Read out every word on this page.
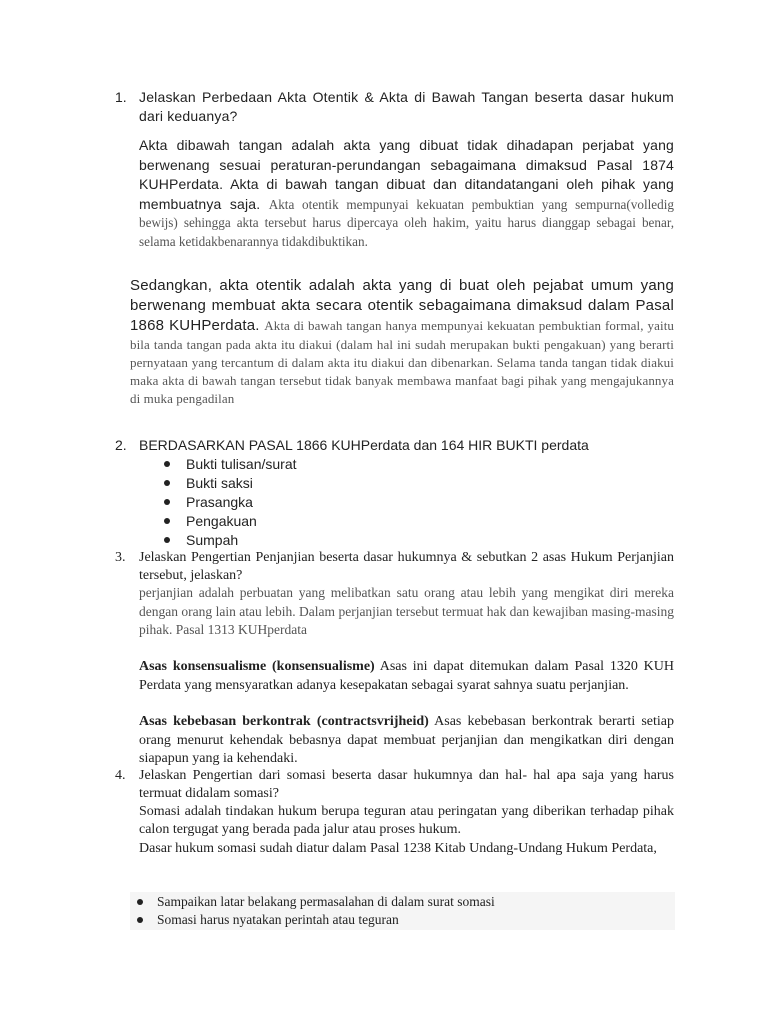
1. Jelaskan Perbedaan Akta Otentik & Akta di Bawah Tangan beserta dasar hukum dari keduanya?

Akta dibawah tangan adalah akta yang dibuat tidak dihadapan perjabat yang berwenang sesuai peraturan-perundangan sebagaimana dimaksud Pasal 1874 KUHPerdata. Akta di bawah tangan dibuat dan ditandatangani oleh pihak yang membuatnya saja. Akta otentik mempunyai kekuatan pembuktian yang sempurna(volledig bewijs) sehingga akta tersebut harus dipercaya oleh hakim, yaitu harus dianggap sebagai benar, selama ketidakbenarannya tidakdibuktikan.

Sedangkan, akta otentik adalah akta yang di buat oleh pejabat umum yang berwenang membuat akta secara otentik sebagaimana dimaksud dalam Pasal 1868 KUHPerdata. Akta di bawah tangan hanya mempunyai kekuatan pembuktian formal, yaitu bila tanda tangan pada akta itu diakui (dalam hal ini sudah merupakan bukti pengakuan) yang berarti pernyataan yang tercantum di dalam akta itu diakui dan dibenarkan. Selama tanda tangan tidak diakui maka akta di bawah tangan tersebut tidak banyak membawa manfaat bagi pihak yang mengajukannya di muka pengadilan

2. BERDASARKAN PASAL 1866 KUHPerdata dan 164 HIR BUKTI perdata

Bukti tulisan/surat
Bukti saksi
Prasangka
Pengakuan
Sumpah

3. Jelaskan Pengertian Penjanjian beserta dasar hukumnya & sebutkan 2 asas Hukum Perjanjian tersebut, jelaskan?

perjanjian adalah perbuatan yang melibatkan satu orang atau lebih yang mengikat diri mereka dengan orang lain atau lebih. Dalam perjanjian tersebut termuat hak dan kewajiban masing-masing pihak. Pasal 1313 KUHperdata

Asas konsensualisme (konsensualisme) Asas ini dapat ditemukan dalam Pasal 1320 KUH Perdata yang mensyaratkan adanya kesepakatan sebagai syarat sahnya suatu perjanjian.

Asas kebebasan berkontrak (contractsvrijheid) Asas kebebasan berkontrak berarti setiap orang menurut kehendak bebasnya dapat membuat perjanjian dan mengikatkan diri dengan siapapun yang ia kehendaki.

4. Jelaskan Pengertian dari somasi beserta dasar hukumnya dan hal- hal apa saja yang harus termuat didalam somasi?

Somasi adalah tindakan hukum berupa teguran atau peringatan yang diberikan terhadap pihak calon tergugat yang berada pada jalur atau proses hukum.

Dasar hukum somasi sudah diatur dalam Pasal 1238 Kitab Undang-Undang Hukum Perdata,

Sampaikan latar belakang permasalahan di dalam surat somasi
Somasi harus nyatakan perintah atau teguran
